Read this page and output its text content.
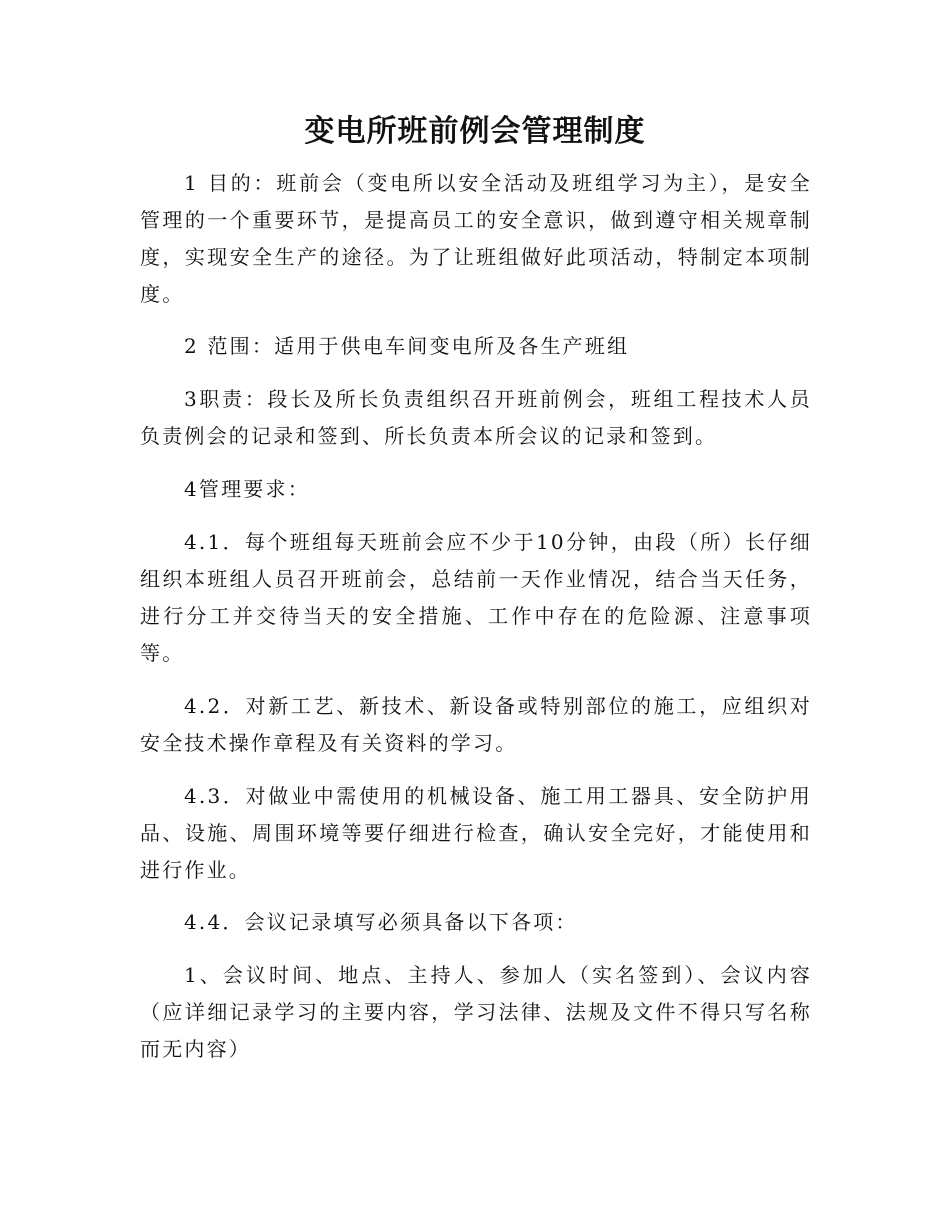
变电所班前例会管理制度

1 目的：班前会（变电所以安全活动及班组学习为主），是安全管理的一个重要环节，是提高员工的安全意识，做到遵守相关规章制度，实现安全生产的途径。为了让班组做好此项活动，特制定本项制度。

2 范围：适用于供电车间变电所及各生产班组

3职责：段长及所长负责组织召开班前例会，班组工程技术人员负责例会的记录和签到、所长负责本所会议的记录和签到。

4管理要求：

4.1．每个班组每天班前会应不少于10分钟，由段（所）长仔细组织本班组人员召开班前会，总结前一天作业情况，结合当天任务，进行分工并交待当天的安全措施、工作中存在的危险源、注意事项等。

4.2．对新工艺、新技术、新设备或特别部位的施工，应组织对安全技术操作章程及有关资料的学习。

4.3．对做业中需使用的机械设备、施工用工器具、安全防护用品、设施、周围环境等要仔细进行检查，确认安全完好，才能使用和进行作业。

4.4．会议记录填写必须具备以下各项：

1、会议时间、地点、主持人、参加人（实名签到）、会议内容（应详细记录学习的主要内容，学习法律、法规及文件不得只写名称而无内容）
